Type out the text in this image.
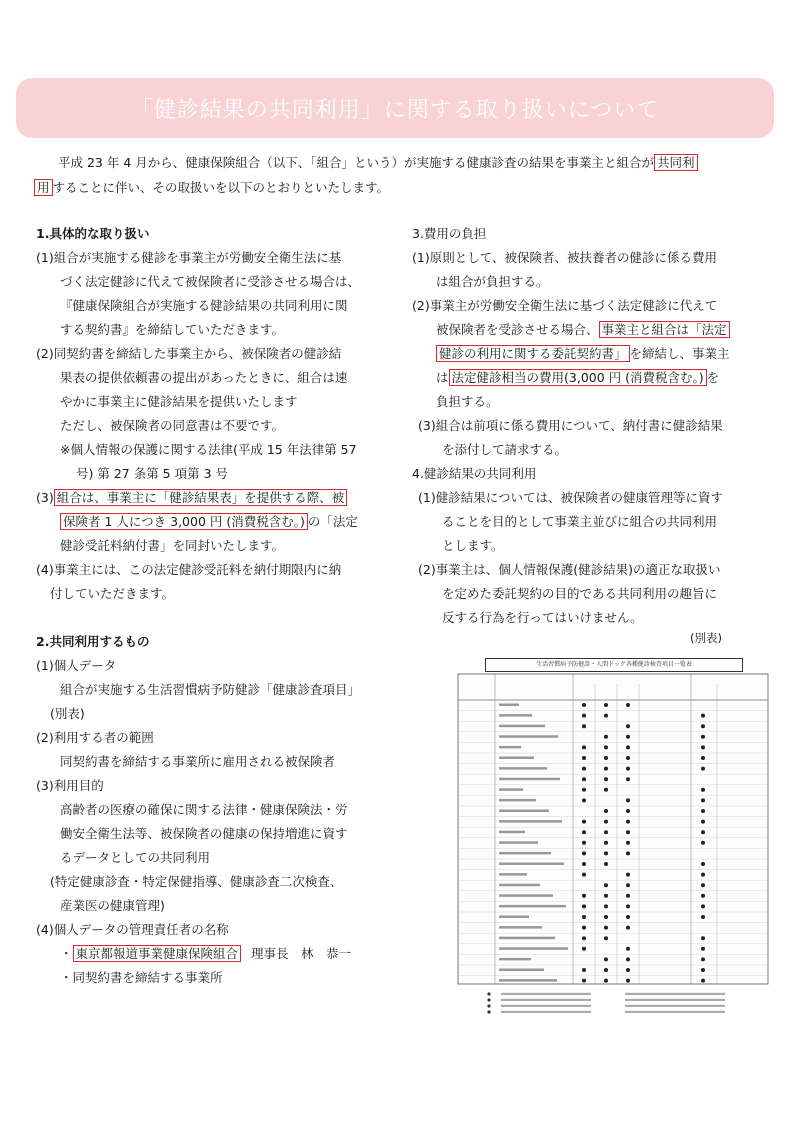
「健診結果の共同利用」に関する取り扱いについて
平成 23 年 4 月から、健康保険組合（以下、「組合」という）が実施する健康診査の結果を事業主と組合が 共同利
用 することに伴い、その取扱いを以下のとおりといたします。
1.具体的な取り扱い
(1)組合が実施する健診を事業主が労働安全衛生法に基
づく法定健診に代えて被保険者に受診させる場合は、
『健康保険組合が実施する健診結果の共同利用に関
する契約書』を締結していただきます。
(2)同契約書を締結した事業主から、被保険者の健診結
果表の提供依頼書の提出があったときに、組合は速
やかに事業主に健診結果を提供いたします
ただし、被保険者の同意書は不要です。
※個人情報の保護に関する法律(平成 15 年法律第 57
号) 第 27 条第 5 項第 3 号
(3) 組合は、事業主に「健診結果表」を提供する際、被
保険者 1 人につき 3,000 円 (消費税含む。) の「法定
健診受託料納付書」を同封いたします。
(4)事業主には、この法定健診受託料を納付期限内に納
付していただきます。
2.共同利用するもの
(1)個人データ
組合が実施する生活習慣病予防健診「健康診査項目」
(別表)
(2)利用する者の範囲
同契約書を締結する事業所に雇用される被保険者
(3)利用目的
高齢者の医療の確保に関する法律・健康保険法・労
働安全衛生法等、被保険者の健康の保持増進に資す
るデータとしての共同利用
(特定健康診査・特定保健指導、健康診査二次検査、
産業医の健康管理)
(4)個人データの管理責任者の名称
・ 東京都報道事業健康保険組合 理事長　林　恭一
・同契約書を締結する事業所
3.費用の負担
(1)原則として、被保険者、被扶養者の健診に係る費用
は組合が負担する。
(2)事業主が労働安全衛生法に基づく法定健診に代えて
被保険者を受診させる場合、 事業主と組合は「法定
健診の利用に関する委託契約書」 を締結し、事業主
は 法定健診相当の費用(3,000 円 (消費税含む。) を
負担する。
(3)組合は前項に係る費用について、納付書に健診結果
を添付して請求する。
4.健診結果の共同利用
(1)健診結果については、被保険者の健康管理等に資す
ることを目的として事業主並びに組合の共同利用
とします。
(2)事業主は、個人情報保護(健診結果)の適正な取扱い
を定めた委託契約の目的である共同利用の趣旨に
反する行為を行ってはいけません。
(別表)
生活習慣病予防健診・人間ドック各種健診検査項目一覧表
